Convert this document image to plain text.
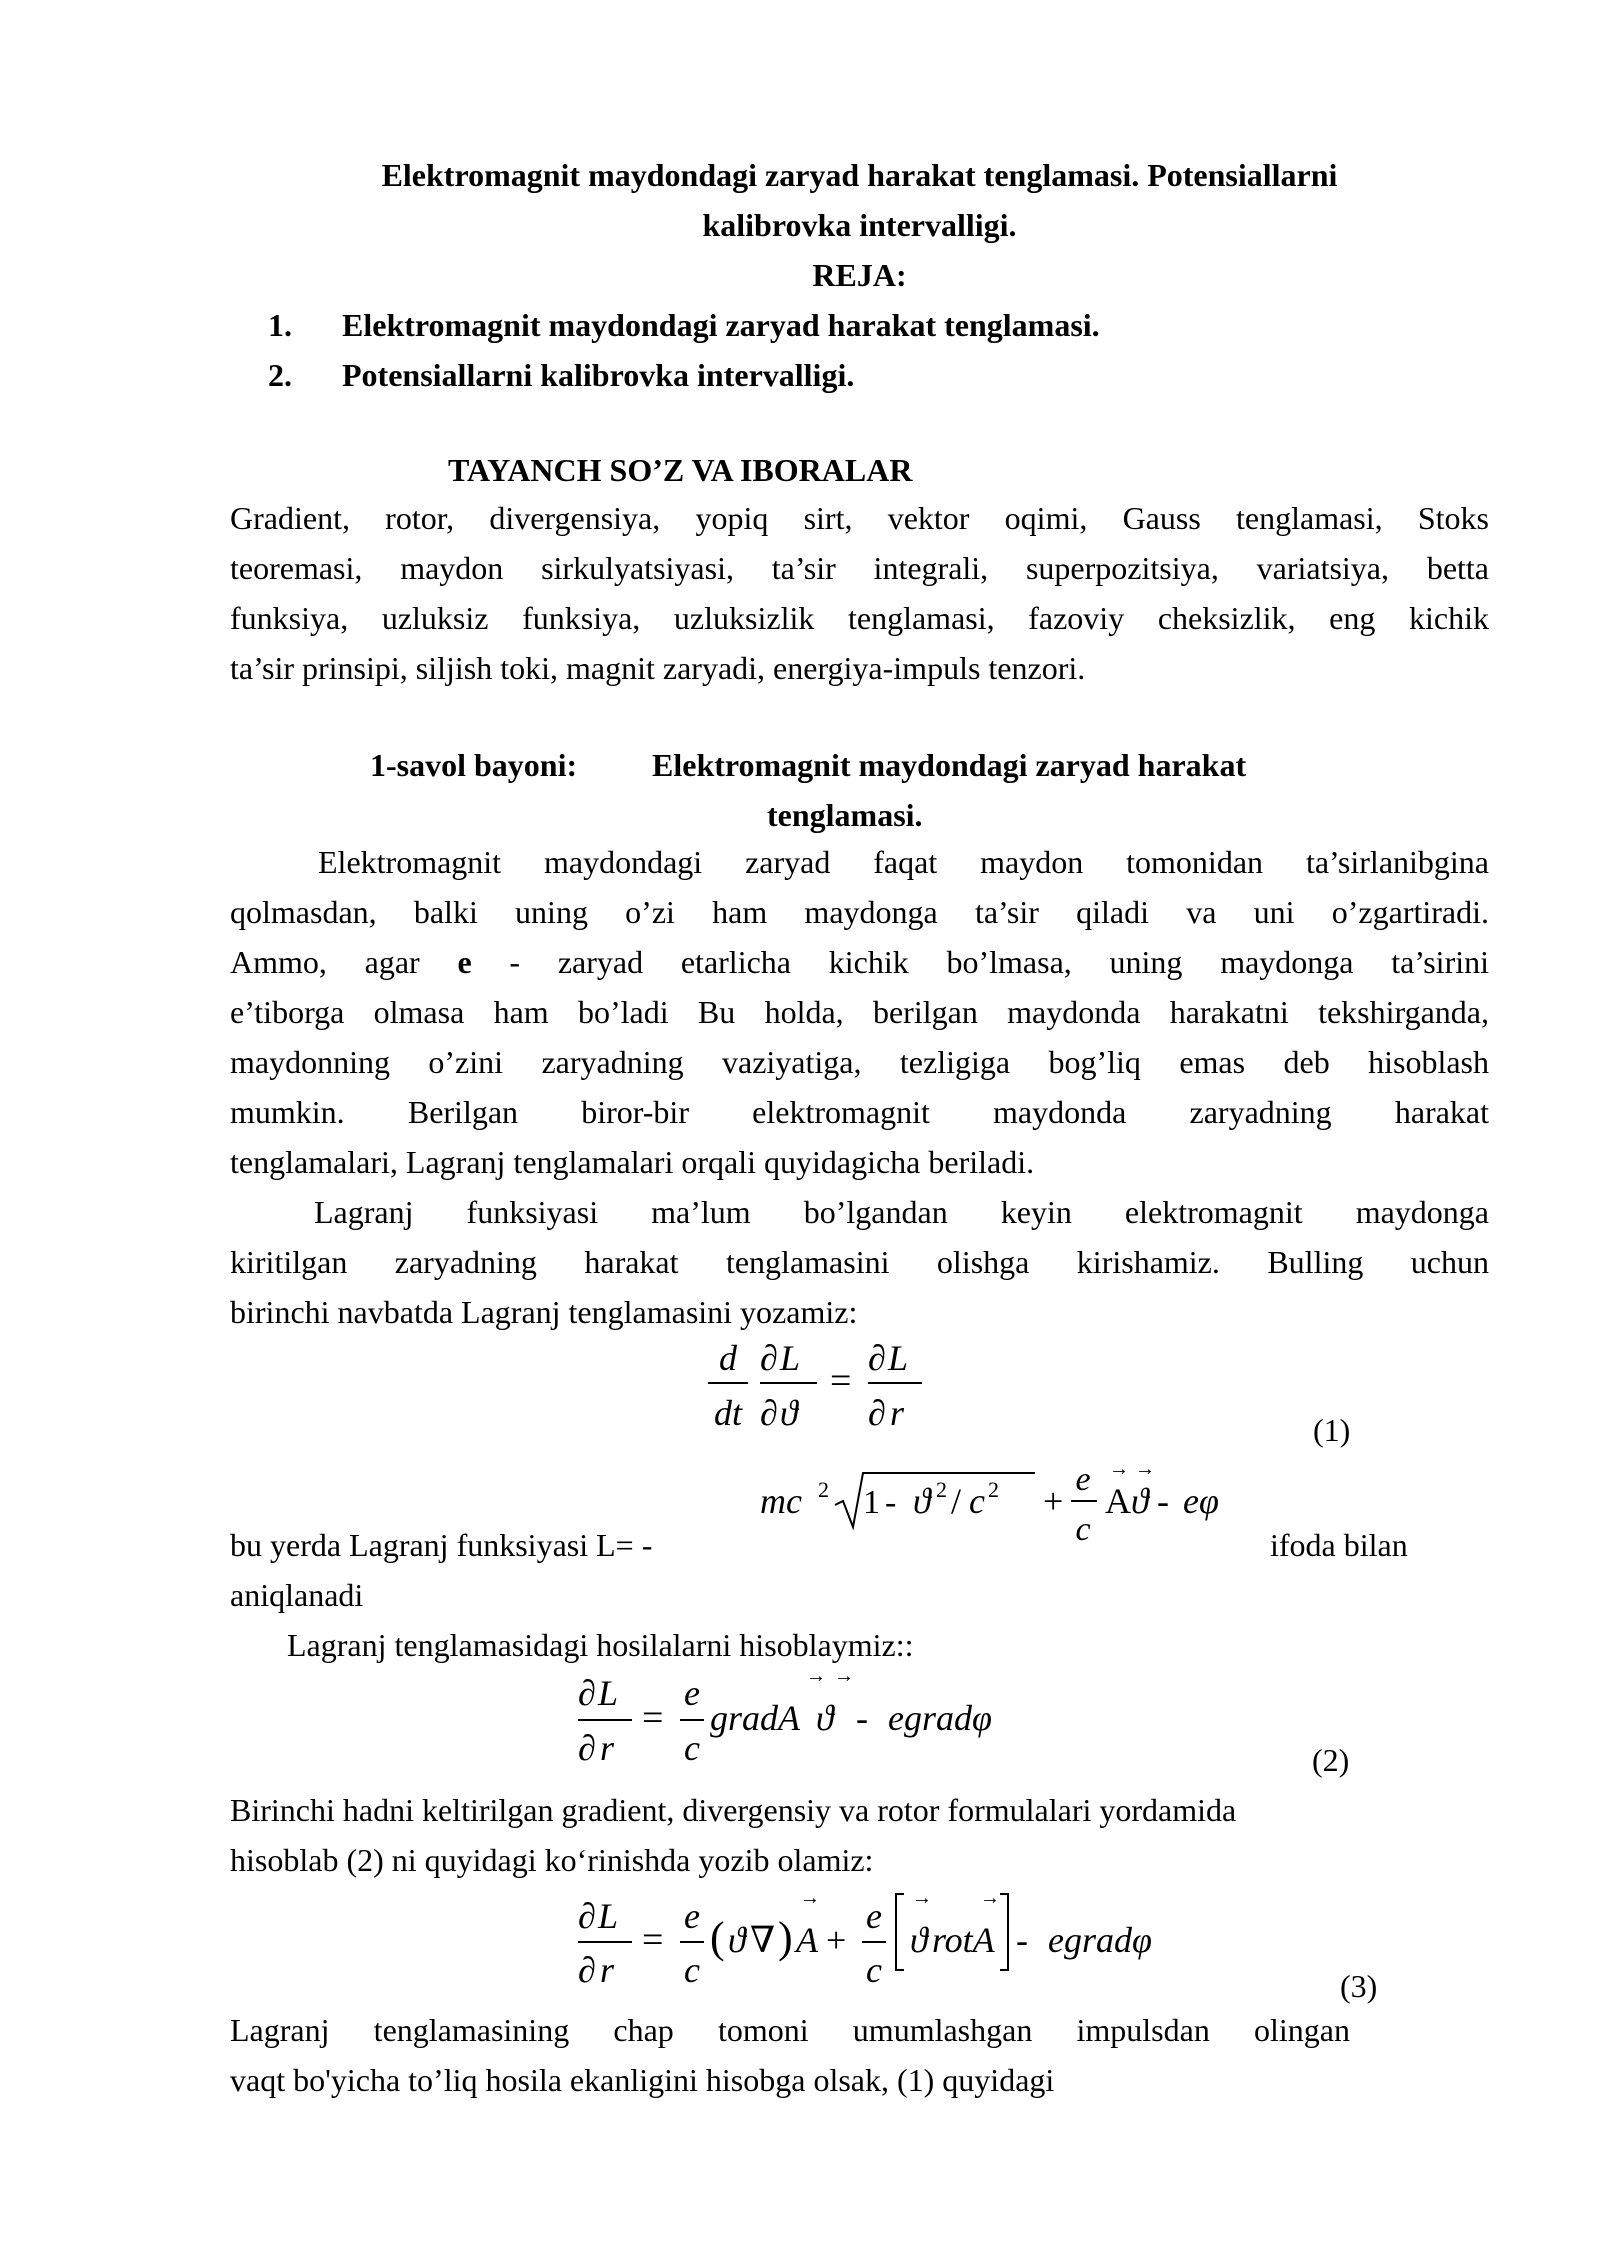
Elektromagnit maydondagi zaryad harakat tenglamasi. Potensiallarni
kalibrovka intervalligi.
REJA:
1. Elektromagnit maydondagi zaryad harakat tenglamasi.
2. Potensiallarni kalibrovka intervalligi.
TAYANCH SO’Z VA IBORALAR
Gradient, rotor, divergensiya, yopiq sirt, vektor oqimi, Gauss tenglamasi, Stoks
teoremasi, maydon sirkulyatsiyasi, ta’sir integrali, superpozitsiya, variatsiya, betta
funksiya, uzluksiz funksiya, uzluksizlik tenglamasi, fazoviy cheksizlik, eng kichik
ta’sir prinsipi, siljish toki, magnit zaryadi, energiya-impuls tenzori.
1-savol bayoni: Elektromagnit maydondagi zaryad harakat
tenglamasi.
Elektromagnit maydondagi zaryad faqat maydon tomonidan ta’sirlanibgina
qolmasdan, balki uning o’zi ham maydonga ta’sir qiladi va uni o’zgartiradi.
Ammo, agar e - zaryad etarlicha kichik bo’lmasa, uning maydonga ta’sirini
e’tiborga olmasa ham bo’ladi Bu holda, berilgan maydonda harakatni tekshirganda,
maydonning o’zini zaryadning vaziyatiga, tezligiga bog’liq emas deb hisoblash
mumkin. Berilgan biror-bir elektromagnit maydonda zaryadning harakat
tenglamalari, Lagranj tenglamalari orqali quyidagicha beriladi.
Lagranj funksiyasi ma’lum bo’lgandan keyin elektromagnit maydonga
kiritilgan zaryadning harakat tenglamasini olishga kirishamiz. Bulling uchun
birinchi navbatda Lagranj tenglamasini yozamiz:
d
dt
∂ L
∂ ϑ
=
∂ L
∂ r	(1)
mc 2 1 - ϑ 2 / c 2 +
e
c
A
→
ϑ
→
- eφ
bu yerda Lagranj funksiyasi L= -	ifoda bilan
aniqlanadi
Lagranj tenglamasidagi hosilalarni hisoblaymiz::
∂ L
∂ r
=
e
c
gradA
→
ϑ
→
- egradφ
(2)
Birinchi hadni keltirilgan gradient, divergensiy va rotor formulalari yordamida
hisoblab (2) ni quyidagi ko‘rinishda yozib olamiz:
∂ L
∂ r
=
e
c
( ϑ ∇ ) A
→
+
e
c
ϑ
→
rotA
→
- egradφ
(3)
Lagranj tenglamasining chap tomoni umumlashgan impulsdan olingan
vaqt bo'yicha to’liq hosila ekanligini hisobga olsak, (1) quyidagi
